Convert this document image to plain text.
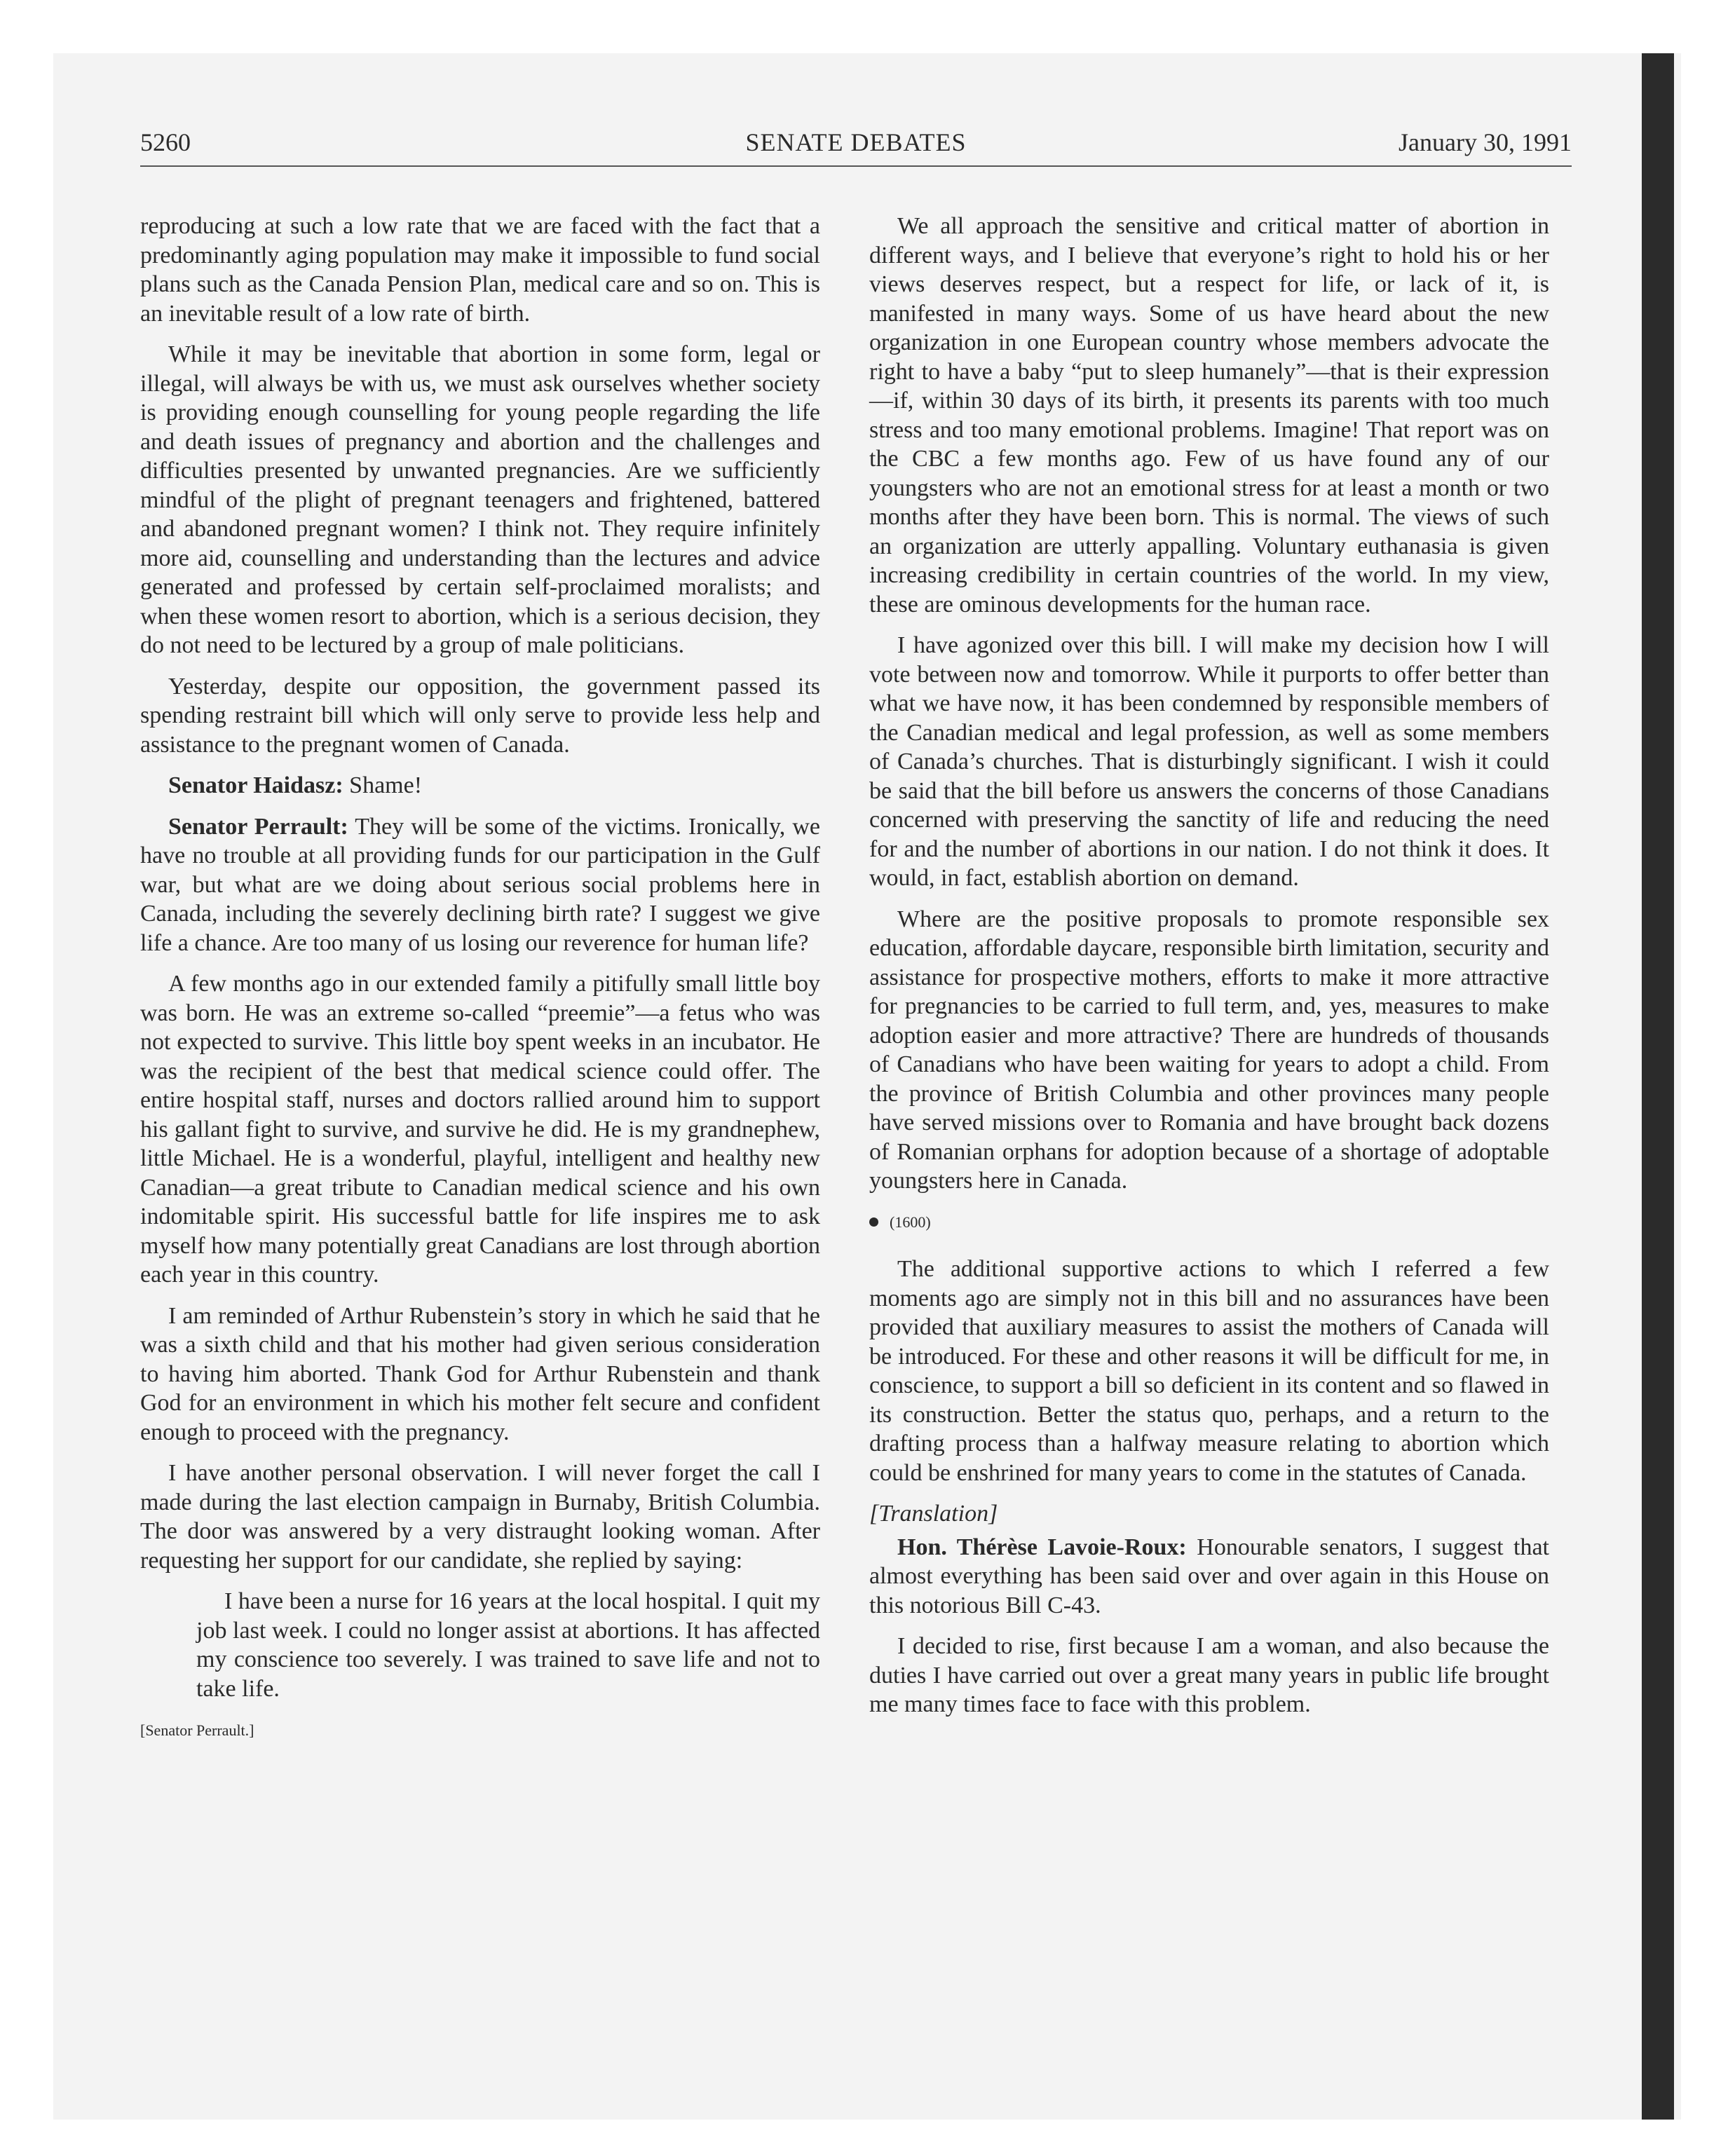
5260	SENATE DEBATES	January 30, 1991

reproducing at such a low rate that we are faced with the fact that a predominantly aging population may make it impossible to fund social plans such as the Canada Pension Plan, medical care and so on. This is an inevitable result of a low rate of birth.

While it may be inevitable that abortion in some form, legal or illegal, will always be with us, we must ask ourselves whether society is providing enough counselling for young people regarding the life and death issues of pregnancy and abortion and the challenges and difficulties presented by unwanted pregnancies. Are we sufficiently mindful of the plight of pregnant teenagers and frightened, battered and abandoned pregnant women? I think not. They require infinitely more aid, counselling and understanding than the lectures and advice generated and professed by certain self-proclaimed moralists; and when these women resort to abortion, which is a serious decision, they do not need to be lectured by a group of male politicians.

Yesterday, despite our opposition, the government passed its spending restraint bill which will only serve to provide less help and assistance to the pregnant women of Canada.

Senator Haidasz: Shame!

Senator Perrault: They will be some of the victims. Ironically, we have no trouble at all providing funds for our participation in the Gulf war, but what are we doing about serious social problems here in Canada, including the severely declining birth rate? I suggest we give life a chance. Are too many of us losing our reverence for human life?

A few months ago in our extended family a pitifully small little boy was born. He was an extreme so-called “preemie”—a fetus who was not expected to survive. This little boy spent weeks in an incubator. He was the recipient of the best that medical science could offer. The entire hospital staff, nurses and doctors rallied around him to support his gallant fight to survive, and survive he did. He is my grandnephew, little Michael. He is a wonderful, playful, intelligent and healthy new Canadian—a great tribute to Canadian medical science and his own indomitable spirit. His successful battle for life inspires me to ask myself how many potentially great Canadians are lost through abortion each year in this country.

I am reminded of Arthur Rubenstein’s story in which he said that he was a sixth child and that his mother had given serious consideration to having him aborted. Thank God for Arthur Rubenstein and thank God for an environment in which his mother felt secure and confident enough to proceed with the pregnancy.

I have another personal observation. I will never forget the call I made during the last election campaign in Burnaby, British Columbia. The door was answered by a very distraught looking woman. After requesting her support for our candidate, she replied by saying:

I have been a nurse for 16 years at the local hospital. I quit my job last week. I could no longer assist at abortions. It has affected my conscience too severely. I was trained to save life and not to take life.

[Senator Perrault.]

We all approach the sensitive and critical matter of abortion in different ways, and I believe that everyone’s right to hold his or her views deserves respect, but a respect for life, or lack of it, is manifested in many ways. Some of us have heard about the new organization in one European country whose members advocate the right to have a baby “put to sleep humanely”—that is their expression—if, within 30 days of its birth, it presents its parents with too much stress and too many emotional problems. Imagine! That report was on the CBC a few months ago. Few of us have found any of our youngsters who are not an emotional stress for at least a month or two months after they have been born. This is normal. The views of such an organization are utterly appalling. Voluntary euthanasia is given increasing credibility in certain countries of the world. In my view, these are ominous developments for the human race.

I have agonized over this bill. I will make my decision how I will vote between now and tomorrow. While it purports to offer better than what we have now, it has been condemned by responsible members of the Canadian medical and legal profession, as well as some members of Canada’s churches. That is disturbingly significant. I wish it could be said that the bill before us answers the concerns of those Canadians concerned with preserving the sanctity of life and reducing the need for and the number of abortions in our nation. I do not think it does. It would, in fact, establish abortion on demand.

Where are the positive proposals to promote responsible sex education, affordable daycare, responsible birth limitation, security and assistance for prospective mothers, efforts to make it more attractive for pregnancies to be carried to full term, and, yes, measures to make adoption easier and more attractive? There are hundreds of thousands of Canadians who have been waiting for years to adopt a child. From the province of British Columbia and other provinces many people have served missions over to Romania and have brought back dozens of Romanian orphans for adoption because of a shortage of adoptable youngsters here in Canada.

(1600)

The additional supportive actions to which I referred a few moments ago are simply not in this bill and no assurances have been provided that auxiliary measures to assist the mothers of Canada will be introduced. For these and other reasons it will be difficult for me, in conscience, to support a bill so deficient in its content and so flawed in its construction. Better the status quo, perhaps, and a return to the drafting process than a halfway measure relating to abortion which could be enshrined for many years to come in the statutes of Canada.

[Translation]

Hon. Thérèse Lavoie-Roux: Honourable senators, I suggest that almost everything has been said over and over again in this House on this notorious Bill C-43.

I decided to rise, first because I am a woman, and also because the duties I have carried out over a great many years in public life brought me many times face to face with this problem.
